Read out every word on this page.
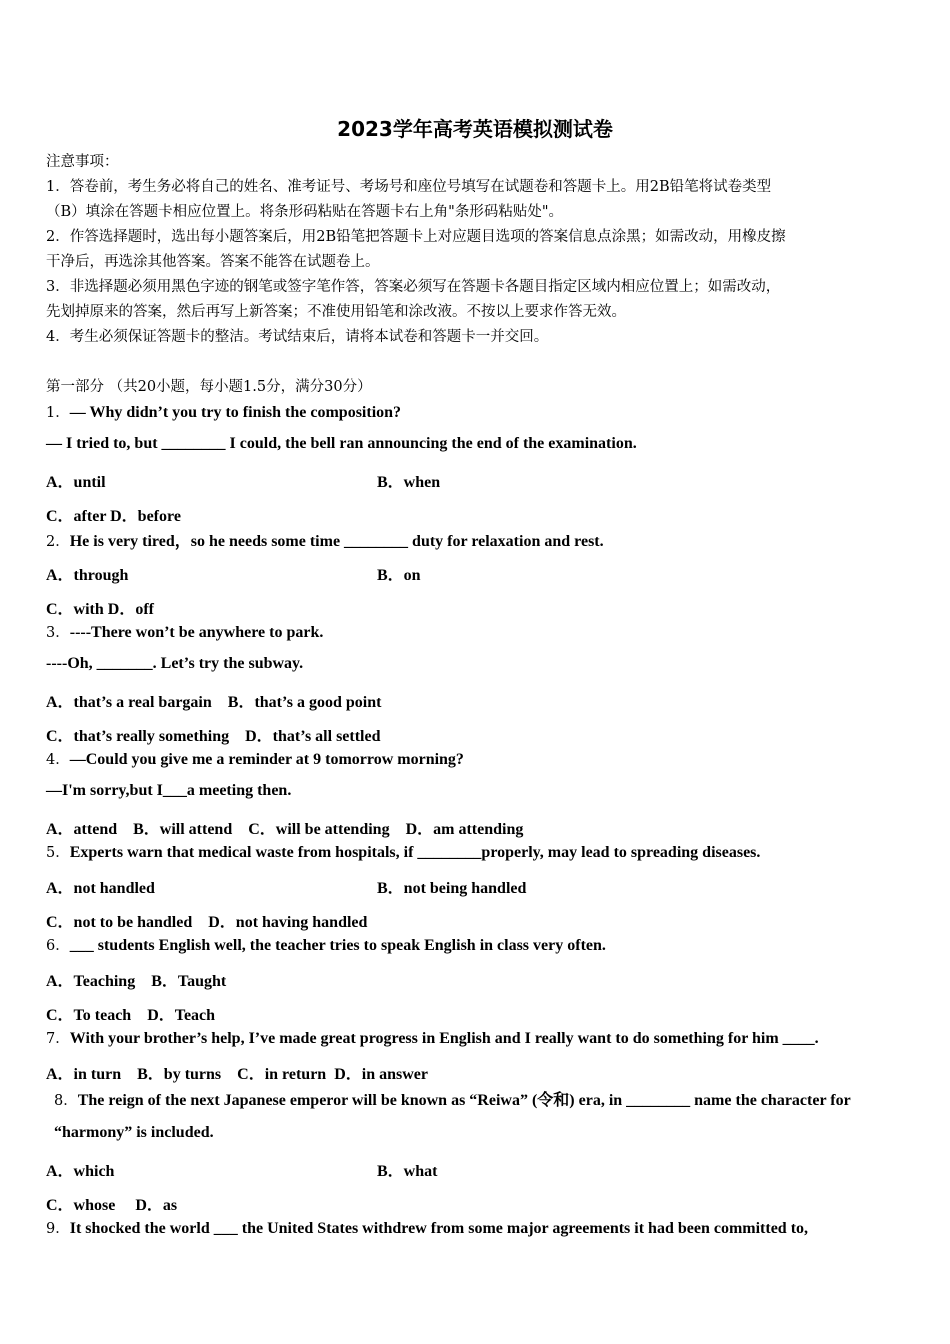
2023学年高考英语模拟测试卷
注意事项：
1．答卷前，考生务必将自己的姓名、准考证号、考场号和座位号填写在试题卷和答题卡上。用2B铅笔将试卷类型
（B）填涂在答题卡相应位置上。将条形码粘贴在答题卡右上角"条形码粘贴处"。
2．作答选择题时，选出每小题答案后，用2B铅笔把答题卡上对应题目选项的答案信息点涂黑；如需改动，用橡皮擦
干净后，再选涂其他答案。答案不能答在试题卷上。
3．非选择题必须用黑色字迹的钢笔或签字笔作答，答案必须写在答题卡各题目指定区域内相应位置上；如需改动，
先划掉原来的答案，然后再写上新答案；不准使用铅笔和涂改液。不按以上要求作答无效。
4．考生必须保证答题卡的整洁。考试结束后，请将本试卷和答题卡一并交回。
第一部分 （共20小题，每小题1.5分，满分30分）
1．— Why didn’t you try to finish the composition?
— I tried to, but ________ I could, the bell ran announcing the end of the examination.
A．until	B．when
C．after D．before
2．He is very tired，so he needs some time ________ duty for relaxation and rest.
A．through	B．on
C．with D．off
3．----There won’t be anywhere to park.
----Oh, _______. Let’s try the subway.
A．that’s a real bargain    B．that’s a good point
C．that’s really something    D．that’s all settled
4．—Could you give me a reminder at 9 tomorrow morning?
—I'm sorry,but I___a meeting then.
A．attend    B．will attend    C．will be attending    D．am attending
5．Experts warn that medical waste from hospitals, if ________properly, may lead to spreading diseases.
A．not handled	B．not being handled
C．not to be handled    D．not having handled
6．___ students English well, the teacher tries to speak English in class very often.
A．Teaching    B．Taught
C．To teach    D．Teach
7．With your brother’s help, I’ve made great progress in English and I really want to do something for him ____.
A．in turn    B．by turns    C．in return  D．in answer
8．The reign of the next Japanese emperor will be known as “Reiwa” (令和) era, in ________ name the character for
“harmony” is included.
A．which	B．what
C．whose     D．as
9．It shocked the world ___ the United States withdrew from some major agreements it had been committed to,
